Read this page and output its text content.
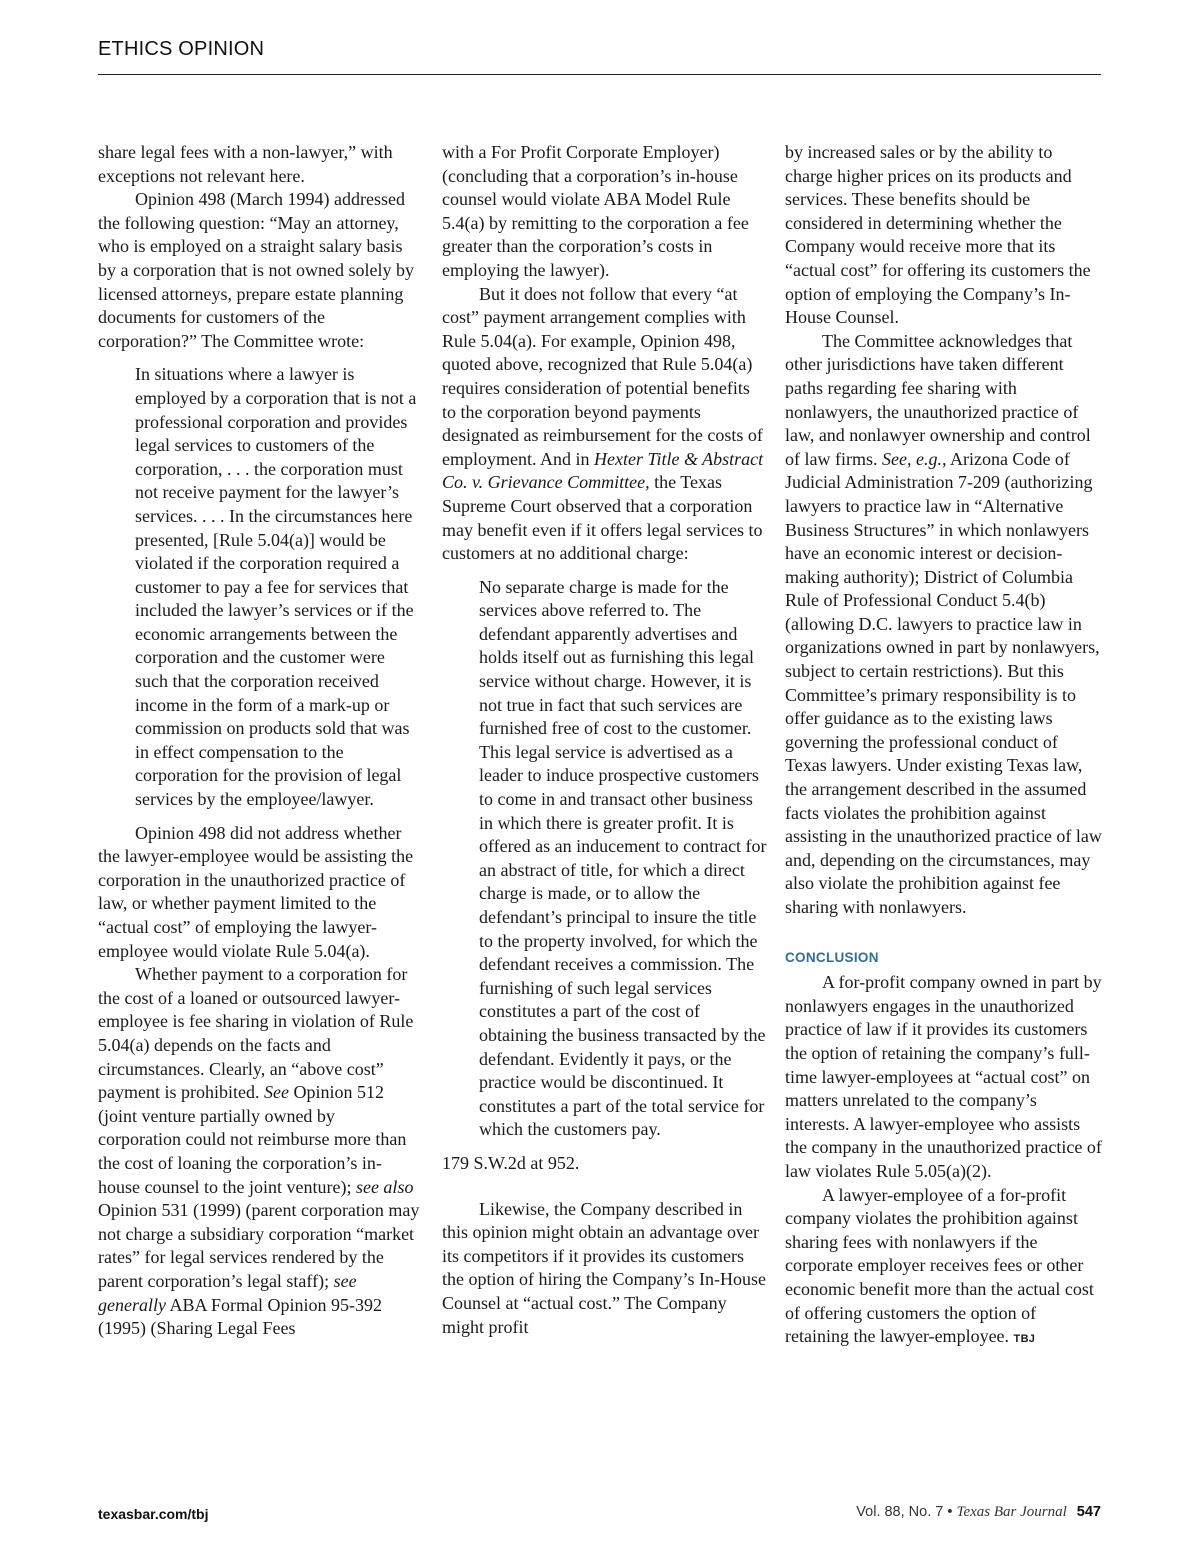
ETHICS OPINION

share legal fees with a non-lawyer,” with exceptions not relevant here.

Opinion 498 (March 1994) addressed the following question: “May an attorney, who is employed on a straight salary basis by a corporation that is not owned solely by licensed attorneys, prepare estate planning documents for customers of the corporation?” The Committee wrote:

In situations where a lawyer is employed by a corporation that is not a professional corporation and provides legal services to customers of the corporation, . . . the corporation must not receive payment for the lawyer’s services. . . . In the circumstances here presented, [Rule 5.04(a)] would be violated if the corporation required a customer to pay a fee for services that included the lawyer’s services or if the economic arrangements between the corporation and the customer were such that the corporation received income in the form of a mark-up or commission on products sold that was in effect compensation to the corporation for the provision of legal services by the employee/lawyer.

Opinion 498 did not address whether the lawyer-employee would be assisting the corporation in the unauthorized practice of law, or whether payment limited to the “actual cost” of employing the lawyer-employee would violate Rule 5.04(a).

Whether payment to a corporation for the cost of a loaned or outsourced lawyer-employee is fee sharing in violation of Rule 5.04(a) depends on the facts and circumstances. Clearly, an “above cost” payment is prohibited. See Opinion 512 (joint venture partially owned by corporation could not reimburse more than the cost of loaning the corporation’s in-house counsel to the joint venture); see also Opinion 531 (1999) (parent corporation may not charge a subsidiary corporation “market rates” for legal services rendered by the parent corporation’s legal staff); see generally ABA Formal Opinion 95-392 (1995) (Sharing Legal Fees

with a For Profit Corporate Employer) (concluding that a corporation’s in-house counsel would violate ABA Model Rule 5.4(a) by remitting to the corporation a fee greater than the corporation’s costs in employing the lawyer).

But it does not follow that every “at cost” payment arrangement complies with Rule 5.04(a). For example, Opinion 498, quoted above, recognized that Rule 5.04(a) requires consideration of potential benefits to the corporation beyond payments designated as reimbursement for the costs of employment. And in Hexter Title & Abstract Co. v. Grievance Committee, the Texas Supreme Court observed that a corporation may benefit even if it offers legal services to customers at no additional charge:

No separate charge is made for the services above referred to. The defendant apparently advertises and holds itself out as furnishing this legal service without charge. However, it is not true in fact that such services are furnished free of cost to the customer. This legal service is advertised as a leader to induce prospective customers to come in and transact other business in which there is greater profit. It is offered as an inducement to contract for an abstract of title, for which a direct charge is made, or to allow the defendant’s principal to insure the title to the property involved, for which the defendant receives a commission. The furnishing of such legal services constitutes a part of the cost of obtaining the business transacted by the defendant. Evidently it pays, or the practice would be discontinued. It constitutes a part of the total service for which the customers pay.

179 S.W.2d at 952.

Likewise, the Company described in this opinion might obtain an advantage over its competitors if it provides its customers the option of hiring the Company’s In-House Counsel at “actual cost.” The Company might profit

by increased sales or by the ability to charge higher prices on its products and services. These benefits should be considered in determining whether the Company would receive more that its “actual cost” for offering its customers the option of employing the Company’s In-House Counsel.

The Committee acknowledges that other jurisdictions have taken different paths regarding fee sharing with nonlawyers, the unauthorized practice of law, and nonlawyer ownership and control of law firms. See, e.g., Arizona Code of Judicial Administration 7-209 (authorizing lawyers to practice law in “Alternative Business Structures” in which nonlawyers have an economic interest or decision-making authority); District of Columbia Rule of Professional Conduct 5.4(b) (allowing D.C. lawyers to practice law in organizations owned in part by nonlawyers, subject to certain restrictions). But this Committee’s primary responsibility is to offer guidance as to the existing laws governing the professional conduct of Texas lawyers. Under existing Texas law, the arrangement described in the assumed facts violates the prohibition against assisting in the unauthorized practice of law and, depending on the circumstances, may also violate the prohibition against fee sharing with nonlawyers.

CONCLUSION

A for-profit company owned in part by nonlawyers engages in the unauthorized practice of law if it provides its customers the option of retaining the company’s full-time lawyer-employees at “actual cost” on matters unrelated to the company’s interests. A lawyer-employee who assists the company in the unauthorized practice of law violates Rule 5.05(a)(2).

A lawyer-employee of a for-profit company violates the prohibition against sharing fees with nonlawyers if the corporate employer receives fees or other economic benefit more than the actual cost of offering customers the option of retaining the lawyer-employee. TBJ

texasbar.com/tbj	Vol. 88, No. 7 • Texas Bar Journal 547
